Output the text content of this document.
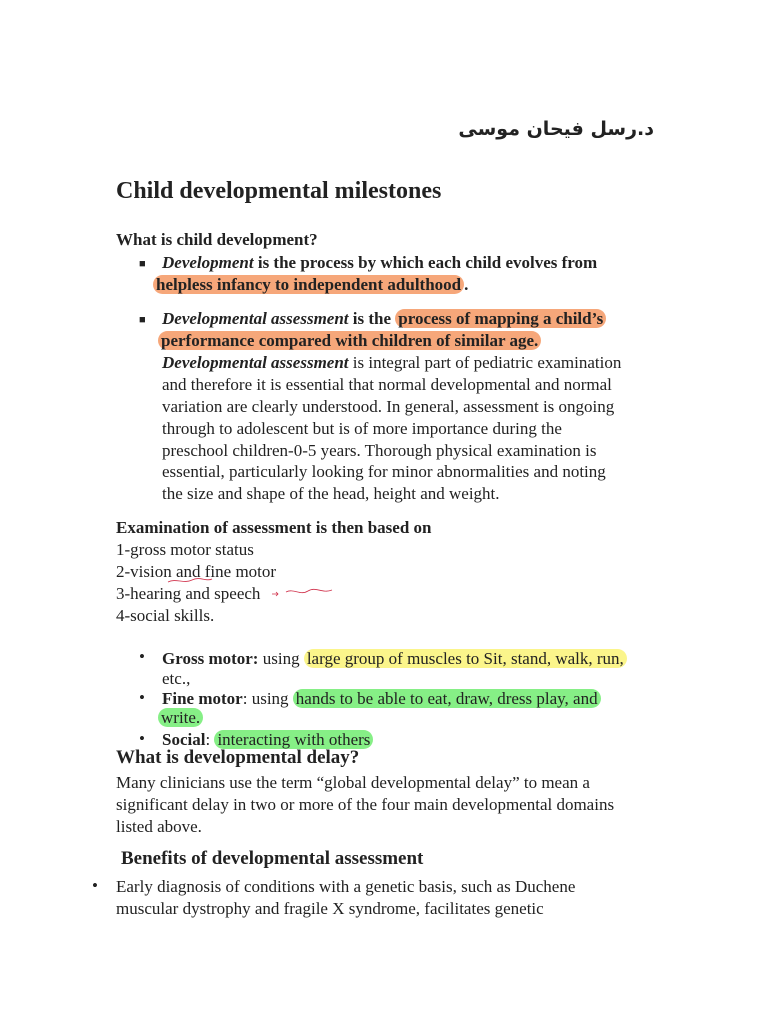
د.رسل فيحان موسى
Child developmental milestones
What is child development?
■ Development is the process by which each child evolves from
helpless infancy to independent adulthood .
■ Developmental assessment is the process of mapping a child’s
performance compared with children of similar age.
Developmental assessment is integral part of pediatric examination
and therefore it is essential that normal developmental and normal
variation are clearly understood. In general, assessment is ongoing
through to adolescent but is of more importance during the
preschool children-0-5 years. Thorough physical examination is
essential, particularly looking for minor abnormalities and noting
the size and shape of the head, height and weight.
Examination of assessment is then based on
1-gross motor status
2-vision and fine motor
3-hearing and speech
4-social skills.
• Gross motor: using large group of muscles to Sit, stand, walk, run,
etc.,
• Fine motor: using hands to be able to eat, draw, dress play, and
write.
• Social: interacting with others
What is developmental delay?
Many clinicians use the term “global developmental delay” to mean a
significant delay in two or more of the four main developmental domains
listed above.
Benefits of developmental assessment
• Early diagnosis of conditions with a genetic basis, such as Duchene
muscular dystrophy and fragile X syndrome, facilitates genetic
